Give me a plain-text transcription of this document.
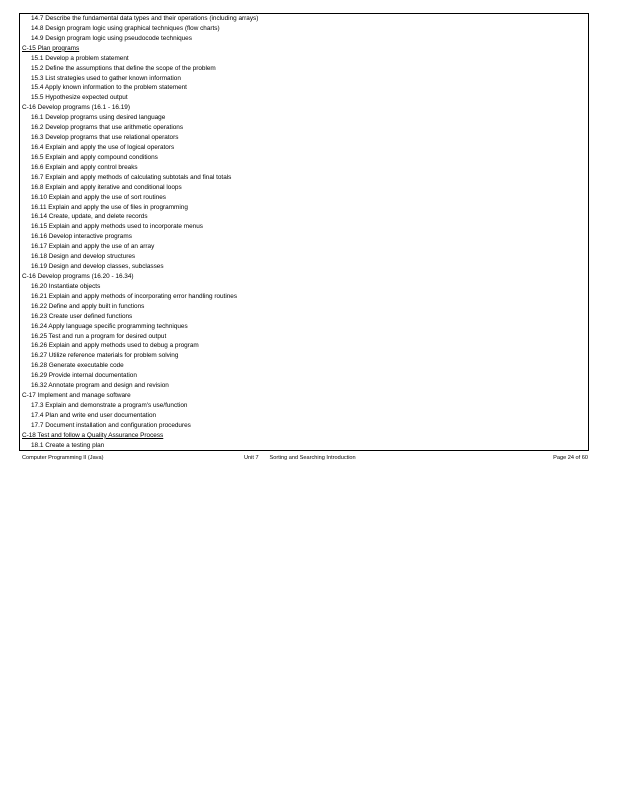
14.7 Describe the fundamental data types and their operations (including arrays)
14.8 Design program logic using graphical techniques (flow charts)
14.9 Design program logic using pseudocode techniques
C-15 Plan programs
15.1 Develop a problem statement
15.2 Define the assumptions that define the scope of the problem
15.3 List strategies used to gather known information
15.4 Apply known information to the problem statement
15.5 Hypothesize expected output
C-16 Develop programs (16.1 - 16.19)
16.1 Develop programs using desired language
16.2 Develop programs that use arithmetic operations
16.3 Develop programs that use relational operators
16.4 Explain and apply the use of logical operators
16.5 Explain and apply compound conditions
16.6 Explain and apply control breaks
16.7 Explain and apply methods of calculating subtotals and final totals
16.8 Explain and apply iterative and conditional loops
16.10 Explain and apply the use of sort routines
16.11 Explain and apply the use of files in programming
16.14 Create, update, and delete records
16.15 Explain and apply methods used to incorporate menus
16.16 Develop interactive programs
16.17 Explain and apply the use of an array
16.18 Design and develop structures
16.19 Design and develop classes, subclasses
C-16 Develop programs (16.20 - 16.34)
16.20 Instantiate objects
16.21 Explain and apply methods of incorporating error handling routines
16.22 Define and apply built in functions
16.23 Create user defined functions
16.24 Apply language specific programming techniques
16.25 Test and run a program for desired output
16.26 Explain and apply methods used to debug a program
16.27 Utilize reference materials for problem solving
16.28 Generate executable code
16.29 Provide internal documentation
16.32 Annotate program and design and revision
C-17 Implement and manage software
17.3 Explain and demonstrate a program's use/function
17.4 Plan and write end user documentation
17.7 Document installation and configuration procedures
C-18 Test and follow a Quality Assurance Process
18.1 Create a testing plan
Computer Programming II (Java)	Unit 7 Sorting and Searching Introduction	Page 24 of 60
